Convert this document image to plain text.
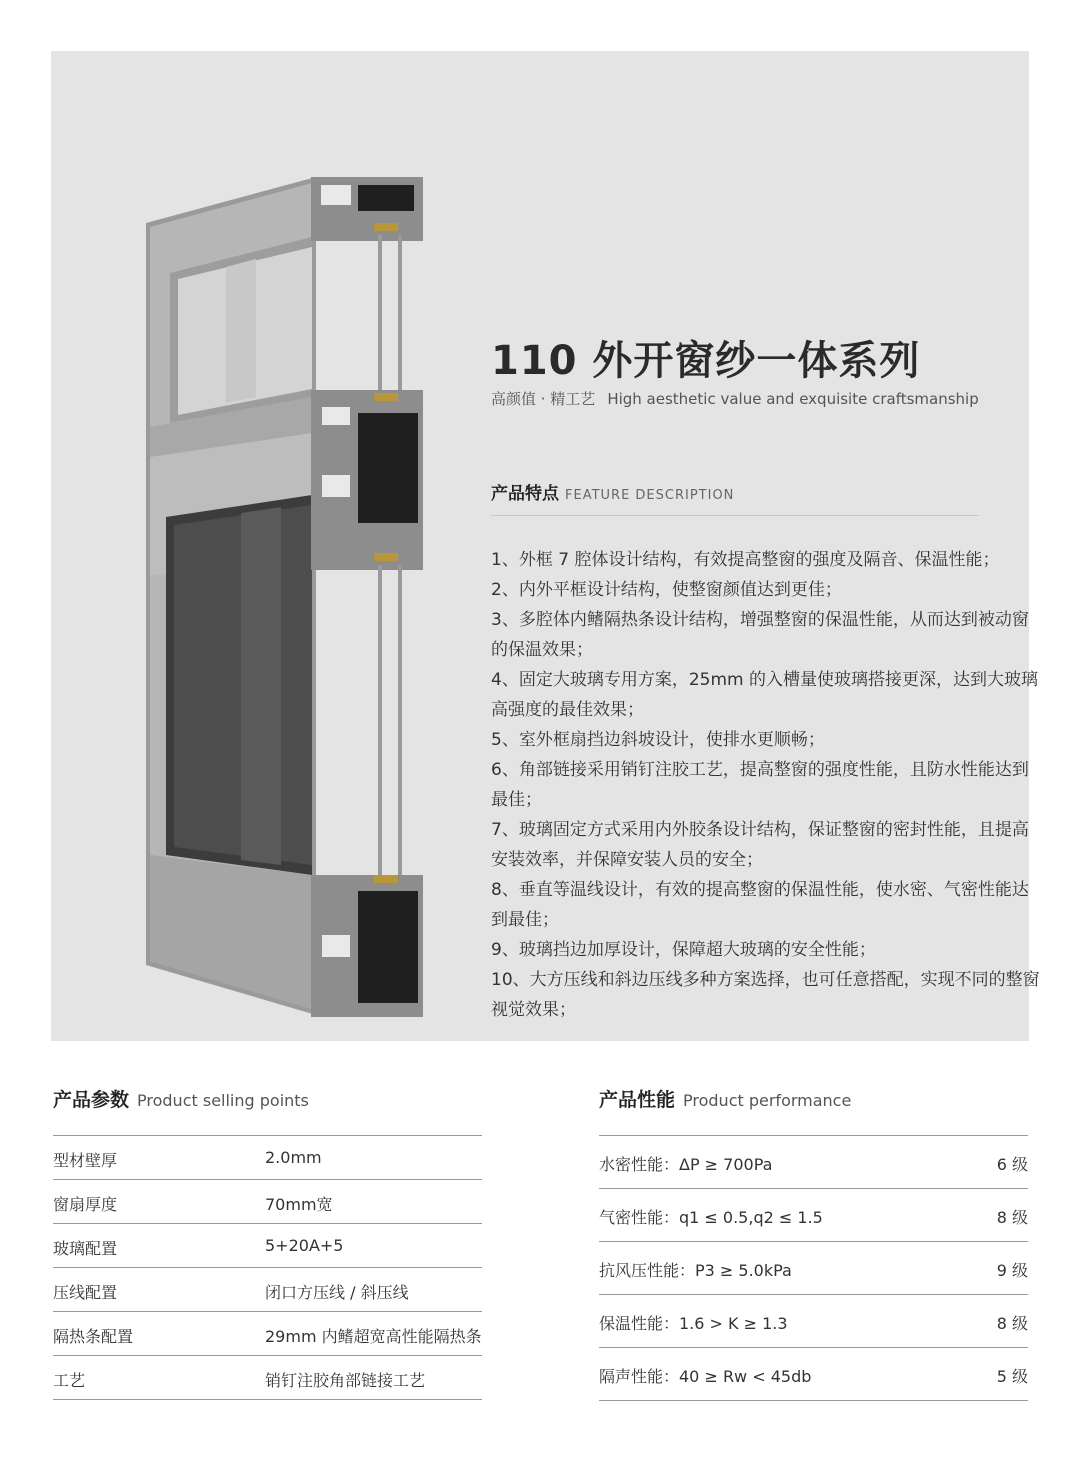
110 外开窗纱一体系列
高颜值 · 精工艺 High aesthetic value and exquisite craftsmanship
产品特点 FEATURE DESCRIPTION
1、外框 7 腔体设计结构，有效提高整窗的强度及隔音、保温性能；
2、内外平框设计结构，使整窗颜值达到更佳；
3、多腔体内鳍隔热条设计结构，增强整窗的保温性能，从而达到被动窗的保温效果；
4、固定大玻璃专用方案，25mm 的入槽量使玻璃搭接更深，达到大玻璃高强度的最佳效果；
5、室外框扇挡边斜坡设计，使排水更顺畅；
6、角部链接采用销钉注胶工艺，提高整窗的强度性能，且防水性能达到最佳；
7、玻璃固定方式采用内外胶条设计结构，保证整窗的密封性能，且提高安装效率，并保障安装人员的安全；
8、垂直等温线设计，有效的提高整窗的保温性能，使水密、气密性能达到最佳；
9、玻璃挡边加厚设计，保障超大玻璃的安全性能；
10、大方压线和斜边压线多种方案选择，也可任意搭配，实现不同的整窗视觉效果；
产品参数 Product selling points
型材壁厚	2.0mm
窗扇厚度	70mm宽
玻璃配置	5+20A+5
压线配置	闭口方压线 / 斜压线
隔热条配置	29mm 内鳍超宽高性能隔热条
工艺	销钉注胶角部链接工艺
产品性能 Product performance
水密性能：ΔP ≥ 700Pa	6 级
气密性能：q1 ≤ 0.5,q2 ≤ 1.5	8 级
抗风压性能：P3 ≥ 5.0kPa	9 级
保温性能：1.6 > K ≥ 1.3	8 级
隔声性能：40 ≥ Rw < 45db	5 级
